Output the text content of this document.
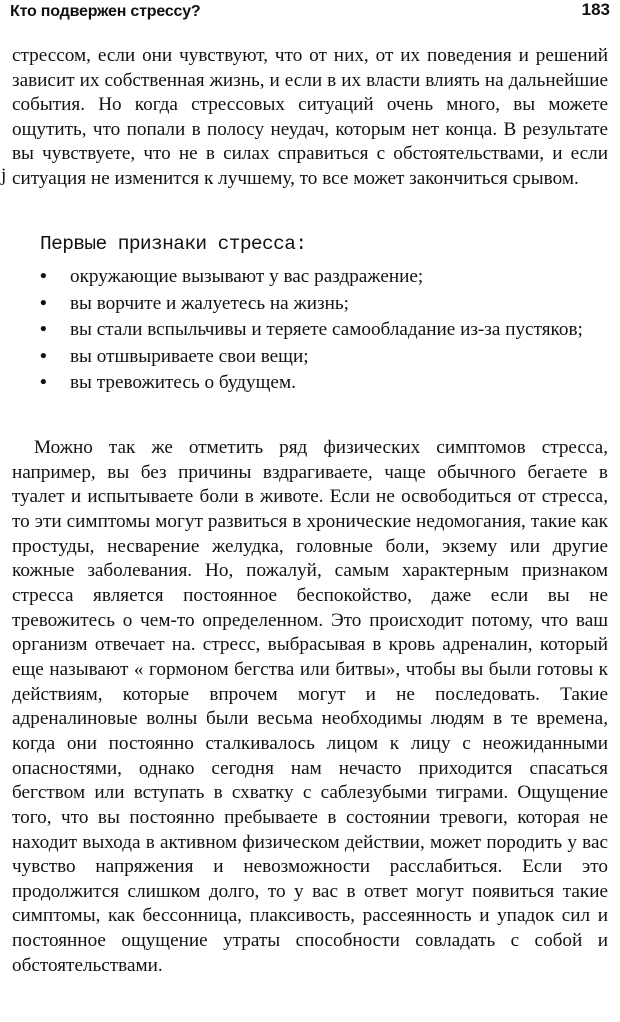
Кто подвержен стрессу?	183
j
стрессом, если они чувствуют, что от них, от их поведения и решений зависит их собственная жизнь, и если в их власти влиять на дальнейшие события. Но когда стрессовых ситуаций очень много, вы можете ощутить, что попали в полосу неудач, которым нет конца. В результате вы чувствуете, что не в силах справиться с обстоятельствами, и если ситуация не изменится к лучшему, то все может закончиться срывом.
Первые признаки стресса:
• окружающие вызывают у вас раздражение;
• вы ворчите и жалуетесь на жизнь;
• вы стали вспыльчивы и теряете самообладание из-за пустяков;
• вы отшвыриваете свои вещи;
• вы тревожитесь о будущем.
Можно так же отметить ряд физических симптомов стресса, например, вы без причины вздрагиваете, чаще обычного бегаете в туалет и испытываете боли в животе. Если не освободиться от стресса, то эти симптомы могут развиться в хронические недомогания, такие как простуды, несварение желудка, головные боли, экзему или другие кожные заболевания. Но, пожалуй, самым характерным признаком стресса является постоянное беспокойство, даже если вы не тревожитесь о чем-то определенном. Это происходит потому, что ваш организм отвечает на. стресс, выбрасывая в кровь адреналин, который еще называют « гормоном бегства или битвы», чтобы вы были готовы к действиям, которые впрочем могут и не последовать. Такие адреналиновые волны были весьма необходимы людям в те времена, когда они постоянно сталкивалось лицом к лицу с неожиданными опасностями, однако сегодня нам нечасто приходится спасаться бегством или вступать в схватку с саблезубыми тиграми. Ощущение того, что вы постоянно пребываете в состоянии тревоги, которая не находит выхода в активном физическом действии, может породить у вас чувство напряжения и невозможности расслабиться. Если это продолжится слишком долго, то у вас в ответ могут появиться такие симптомы, как бессонница, плаксивость, рассеянность и упадок сил и постоянное ощущение утраты способности совладать с собой и обстоятельствами.
